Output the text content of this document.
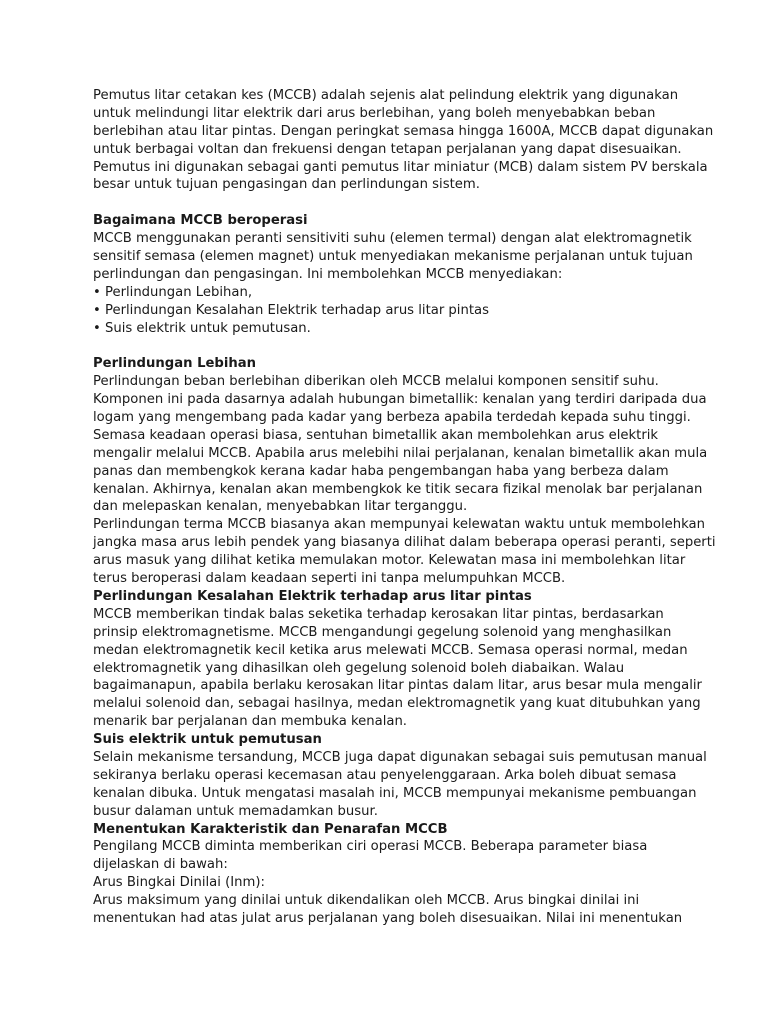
Pemutus litar cetakan kes (MCCB) adalah sejenis alat pelindung elektrik yang digunakan
untuk melindungi litar elektrik dari arus berlebihan, yang boleh menyebabkan beban
berlebihan atau litar pintas. Dengan peringkat semasa hingga 1600A, MCCB dapat digunakan
untuk berbagai voltan dan frekuensi dengan tetapan perjalanan yang dapat disesuaikan.
Pemutus ini digunakan sebagai ganti pemutus litar miniatur (MCB) dalam sistem PV berskala
besar untuk tujuan pengasingan dan perlindungan sistem.
Bagaimana MCCB beroperasi
MCCB menggunakan peranti sensitiviti suhu (elemen termal) dengan alat elektromagnetik
sensitif semasa (elemen magnet) untuk menyediakan mekanisme perjalanan untuk tujuan
perlindungan dan pengasingan. Ini membolehkan MCCB menyediakan:
• Perlindungan Lebihan,
• Perlindungan Kesalahan Elektrik terhadap arus litar pintas
• Suis elektrik untuk pemutusan.
Perlindungan Lebihan
Perlindungan beban berlebihan diberikan oleh MCCB melalui komponen sensitif suhu.
Komponen ini pada dasarnya adalah hubungan bimetallik: kenalan yang terdiri daripada dua
logam yang mengembang pada kadar yang berbeza apabila terdedah kepada suhu tinggi.
Semasa keadaan operasi biasa, sentuhan bimetallik akan membolehkan arus elektrik
mengalir melalui MCCB. Apabila arus melebihi nilai perjalanan, kenalan bimetallik akan mula
panas dan membengkok kerana kadar haba pengembangan haba yang berbeza dalam
kenalan. Akhirnya, kenalan akan membengkok ke titik secara fizikal menolak bar perjalanan
dan melepaskan kenalan, menyebabkan litar terganggu.
Perlindungan terma MCCB biasanya akan mempunyai kelewatan waktu untuk membolehkan
jangka masa arus lebih pendek yang biasanya dilihat dalam beberapa operasi peranti, seperti
arus masuk yang dilihat ketika memulakan motor. Kelewatan masa ini membolehkan litar
terus beroperasi dalam keadaan seperti ini tanpa melumpuhkan MCCB.
Perlindungan Kesalahan Elektrik terhadap arus litar pintas
MCCB memberikan tindak balas seketika terhadap kerosakan litar pintas, berdasarkan
prinsip elektromagnetisme. MCCB mengandungi gegelung solenoid yang menghasilkan
medan elektromagnetik kecil ketika arus melewati MCCB. Semasa operasi normal, medan
elektromagnetik yang dihasilkan oleh gegelung solenoid boleh diabaikan. Walau
bagaimanapun, apabila berlaku kerosakan litar pintas dalam litar, arus besar mula mengalir
melalui solenoid dan, sebagai hasilnya, medan elektromagnetik yang kuat ditubuhkan yang
menarik bar perjalanan dan membuka kenalan.
Suis elektrik untuk pemutusan
Selain mekanisme tersandung, MCCB juga dapat digunakan sebagai suis pemutusan manual
sekiranya berlaku operasi kecemasan atau penyelenggaraan. Arka boleh dibuat semasa
kenalan dibuka. Untuk mengatasi masalah ini, MCCB mempunyai mekanisme pembuangan
busur dalaman untuk memadamkan busur.
Menentukan Karakteristik dan Penarafan MCCB
Pengilang MCCB diminta memberikan ciri operasi MCCB. Beberapa parameter biasa
dijelaskan di bawah:
Arus Bingkai Dinilai (Inm):
Arus maksimum yang dinilai untuk dikendalikan oleh MCCB. Arus bingkai dinilai ini
menentukan had atas julat arus perjalanan yang boleh disesuaikan. Nilai ini menentukan
